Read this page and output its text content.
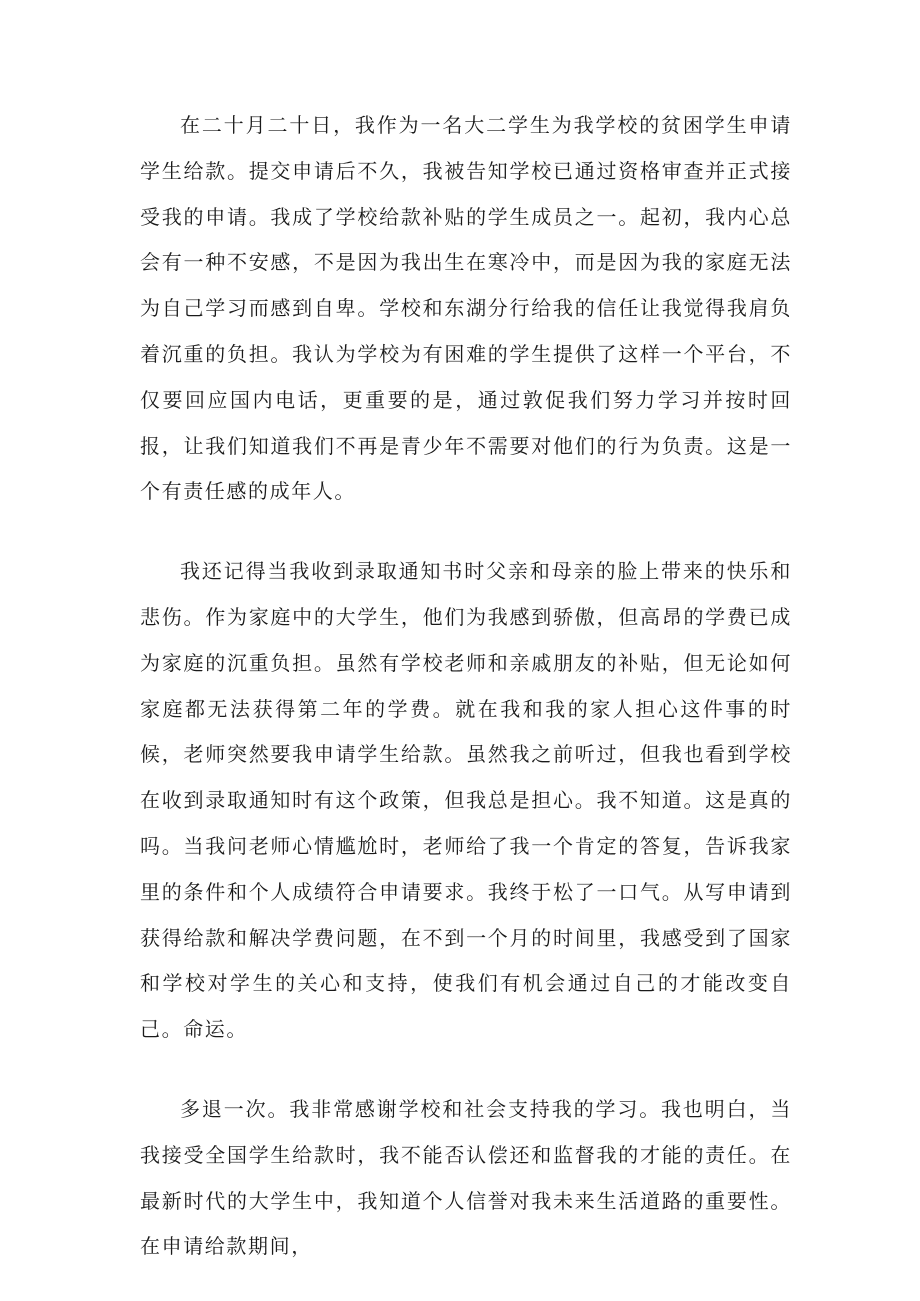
在二十月二十日，我作为一名大二学生为我学校的贫困学生申请学生给款。提交申请后不久，我被告知学校已通过资格审查并正式接受我的申请。我成了学校给款补贴的学生成员之一。起初，我内心总会有一种不安感，不是因为我出生在寒冷中，而是因为我的家庭无法为自己学习而感到自卑。学校和东湖分行给我的信任让我觉得我肩负着沉重的负担。我认为学校为有困难的学生提供了这样一个平台，不仅要回应国内电话，更重要的是，通过敦促我们努力学习并按时回报，让我们知道我们不再是青少年不需要对他们的行为负责。这是一个有责任感的成年人。

我还记得当我收到录取通知书时父亲和母亲的脸上带来的快乐和悲伤。作为家庭中的大学生，他们为我感到骄傲，但高昂的学费已成为家庭的沉重负担。虽然有学校老师和亲戚朋友的补贴，但无论如何家庭都无法获得第二年的学费。就在我和我的家人担心这件事的时候，老师突然要我申请学生给款。虽然我之前听过，但我也看到学校在收到录取通知时有这个政策，但我总是担心。我不知道。这是真的吗。当我问老师心情尴尬时，老师给了我一个肯定的答复，告诉我家里的条件和个人成绩符合申请要求。我终于松了一口气。从写申请到获得给款和解决学费问题，在不到一个月的时间里，我感受到了国家和学校对学生的关心和支持，使我们有机会通过自己的才能改变自己。命运。

多退一次。我非常感谢学校和社会支持我的学习。我也明白，当我接受全国学生给款时，我不能否认偿还和监督我的才能的责任。在最新时代的大学生中，我知道个人信誉对我未来生活道路的重要性。在申请给款期间，
